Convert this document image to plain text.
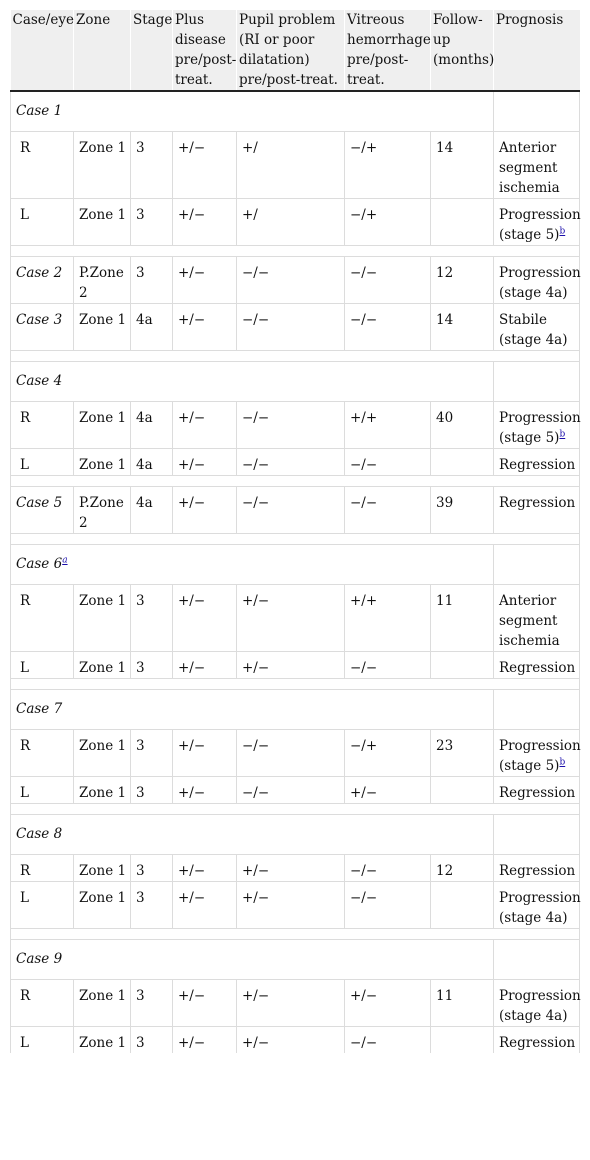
Case/eye	Zone	Stage	Plus disease pre/post-treat.	Pupil problem (RI or poor dilatation) pre/post-treat.	Vitreous hemorrhage pre/post-treat.	Follow-up (months)	Prognosis
Case 1							
R	Zone 1	3	+/−	+/	−/+	14	Anterior segment ischemia
L	Zone 1	3	+/−	+/	−/+		Progression (stage 5)$^b$

Case 2	P.Zone 2	3	+/−	−/−	−/−	12	Progression (stage 4a)
Case 3	Zone 1	4a	+/−	−/−	−/−	14	Stabile (stage 4a)

Case 4							
R	Zone 1	4a	+/−	−/−	+/+	40	Progression (stage 5)$^b$
L	Zone 1	4a	+/−	−/−	−/−		Regression

Case 5	P.Zone 2	4a	+/−	−/−	−/−	39	Regression

Case 6$^a$	
R	Zone 1	3	+/−	+/−	+/+	11	Anterior segment ischemia
L	Zone 1	3	+/−	+/−	−/−		Regression

Case 7							
R	Zone 1	3	+/−	−/−	−/+	23	Progression (stage 5)$^b$
L	Zone 1	3	+/−	−/−	+/−		Regression

Case 8							
R	Zone 1	3	+/−	+/−	−/−	12	Regression
L	Zone 1	3	+/−	+/−	−/−		Progression (stage 4a)

Case 9							
R	Zone 1	3	+/−	+/−	+/−	11	Progression (stage 4a)
L	Zone 1	3	+/−	+/−	−/−		Regression
